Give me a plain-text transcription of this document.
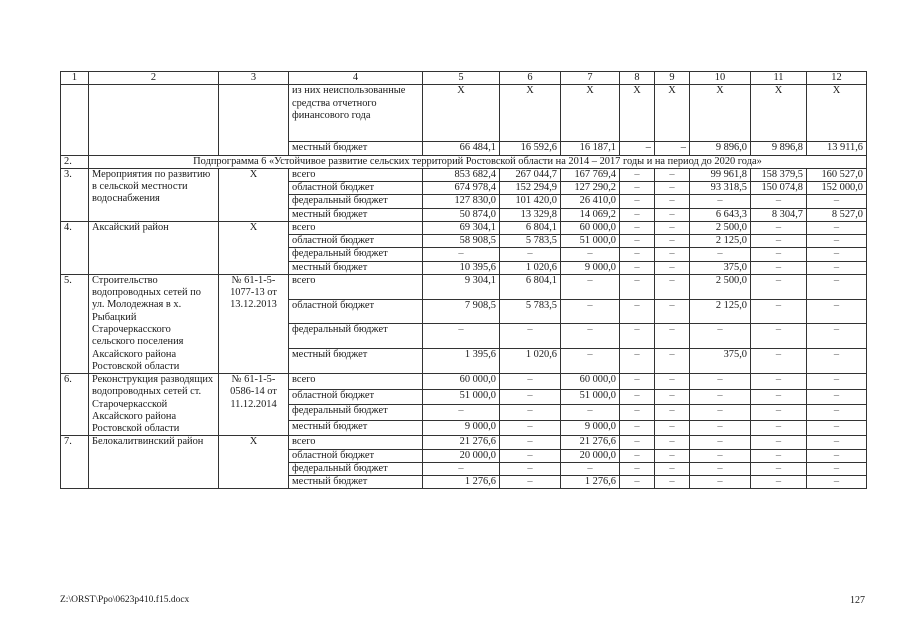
1	2	3	4	5	6	7	8	9	10	11	12
			из них неиспользованные средства отчетного финансового года	X	X	X	X	X	X	X	X
			местный бюджет	66 484,1	16 592,6	16 187,1	–	–	9 896,0	9 896,8	13 911,6
2.	Подпрограмма 6 «Устойчивое развитие сельских территорий Ростовской области на 2014 – 2017 годы и на период до 2020 года»										
3.	Мероприятия по развитию в сельской местности водоснабжения	X	всего	853 682,4	267 044,7	167 769,4	–	–	99 961,8	158 379,5	160 527,0
			областной бюджет	674 978,4	152 294,9	127 290,2	–	–	93 318,5	150 074,8	152 000,0
			федеральный бюджет	127 830,0	101 420,0	26 410,0	–	–	–	–	–
			местный бюджет	50 874,0	13 329,8	14 069,2	–	–	6 643,3	8 304,7	8 527,0
4.	Аксайский район	X	всего	69 304,1	6 804,1	60 000,0	–	–	2 500,0	–	–
			областной бюджет	58 908,5	5 783,5	51 000,0	–	–	2 125,0	–	–
			федеральный бюджет	–	–	–	–	–	–	–	–
			местный бюджет	10 395,6	1 020,6	9 000,0	–	–	375,0	–	–
5.	Строительство водопроводных сетей по ул. Молодежная в х. Рыбацкий Старочеркасского сельского поселения Аксайского района Ростовской области	№ 61-1-5-1077-13 от 13.12.2013	всего	9 304,1	6 804,1	–	–	–	2 500,0	–	–
			областной бюджет	7 908,5	5 783,5	–	–	–	2 125,0	–	–
			федеральный бюджет	–	–	–	–	–	–	–	–
			местный бюджет	1 395,6	1 020,6	–	–	–	375,0	–	–
6.	Реконструкция разводящих водопроводных сетей ст. Старочеркасской Аксайского района Ростовской области	№ 61-1-5-0586-14 от 11.12.2014	всего	60 000,0	–	60 000,0	–	–	–	–	–
			областной бюджет	51 000,0	–	51 000,0	–	–	–	–	–
			федеральный бюджет	–	–	–	–	–	–	–	–
			местный бюджет	9 000,0	–	9 000,0	–	–	–	–	–
7.	Белокалитвинский район	X	всего	21 276,6	–	21 276,6	–	–	–	–	–
			областной бюджет	20 000,0	–	20 000,0	–	–	–	–	–
			федеральный бюджет	–	–	–	–	–	–	–	–
			местный бюджет	1 276,6	–	1 276,6	–	–	–	–	–
Z:\ORST\Ppo\0623p410.f15.docx	127
